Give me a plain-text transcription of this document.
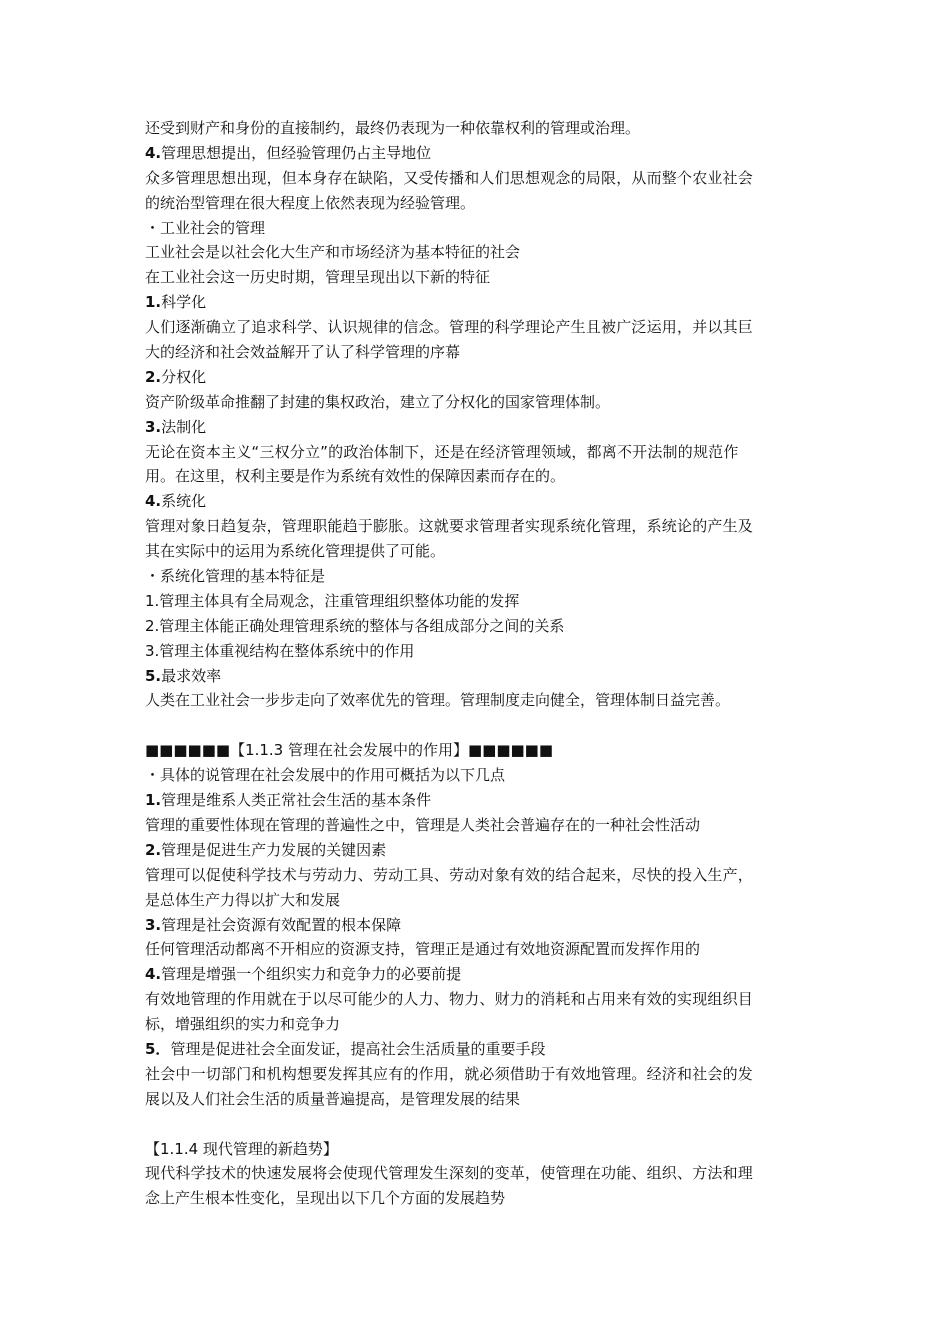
还受到财产和身份的直接制约，最终仍表现为一种依靠权利的管理或治理。
4.管理思想提出，但经验管理仍占主导地位
众多管理思想出现，但本身存在缺陷，又受传播和人们思想观念的局限，从而整个农业社会
的统治型管理在很大程度上依然表现为经验管理。
・工业社会的管理
工业社会是以社会化大生产和市场经济为基本特征的社会
在工业社会这一历史时期，管理呈现出以下新的特征
1.科学化
人们逐渐确立了追求科学、认识规律的信念。管理的科学理论产生且被广泛运用，并以其巨
大的经济和社会效益解开了认了科学管理的序幕
2.分权化
资产阶级革命推翻了封建的集权政治，建立了分权化的国家管理体制。
3.法制化
无论在资本主义“三权分立”的政治体制下，还是在经济管理领域，都离不开法制的规范作
用。在这里，权利主要是作为系统有效性的保障因素而存在的。
4.系统化
管理对象日趋复杂，管理职能趋于膨胀。这就要求管理者实现系统化管理，系统论的产生及
其在实际中的运用为系统化管理提供了可能。
・系统化管理的基本特征是
1.管理主体具有全局观念，注重管理组织整体功能的发挥
2.管理主体能正确处理管理系统的整体与各组成部分之间的关系
3.管理主体重视结构在整体系统中的作用
5.最求效率
人类在工业社会一步步走向了效率优先的管理。管理制度走向健全，管理体制日益完善。
■■■■■■【1.1.3 管理在社会发展中的作用】■■■■■■
・具体的说管理在社会发展中的作用可概括为以下几点
1.管理是维系人类正常社会生活的基本条件
管理的重要性体现在管理的普遍性之中，管理是人类社会普遍存在的一种社会性活动
2.管理是促进生产力发展的关键因素
管理可以促使科学技术与劳动力、劳动工具、劳动对象有效的结合起来，尽快的投入生产，
是总体生产力得以扩大和发展
3.管理是社会资源有效配置的根本保障
任何管理活动都离不开相应的资源支持，管理正是通过有效地资源配置而发挥作用的
4.管理是增强一个组织实力和竞争力的必要前提
有效地管理的作用就在于以尽可能少的人力、物力、财力的消耗和占用来有效的实现组织目
标，增强组织的实力和竞争力
5．管理是促进社会全面发证，提高社会生活质量的重要手段
社会中一切部门和机构想要发挥其应有的作用，就必须借助于有效地管理。经济和社会的发
展以及人们社会生活的质量普遍提高，是管理发展的结果
【1.1.4 现代管理的新趋势】
现代科学技术的快速发展将会使现代管理发生深刻的变革，使管理在功能、组织、方法和理
念上产生根本性变化，呈现出以下几个方面的发展趋势
